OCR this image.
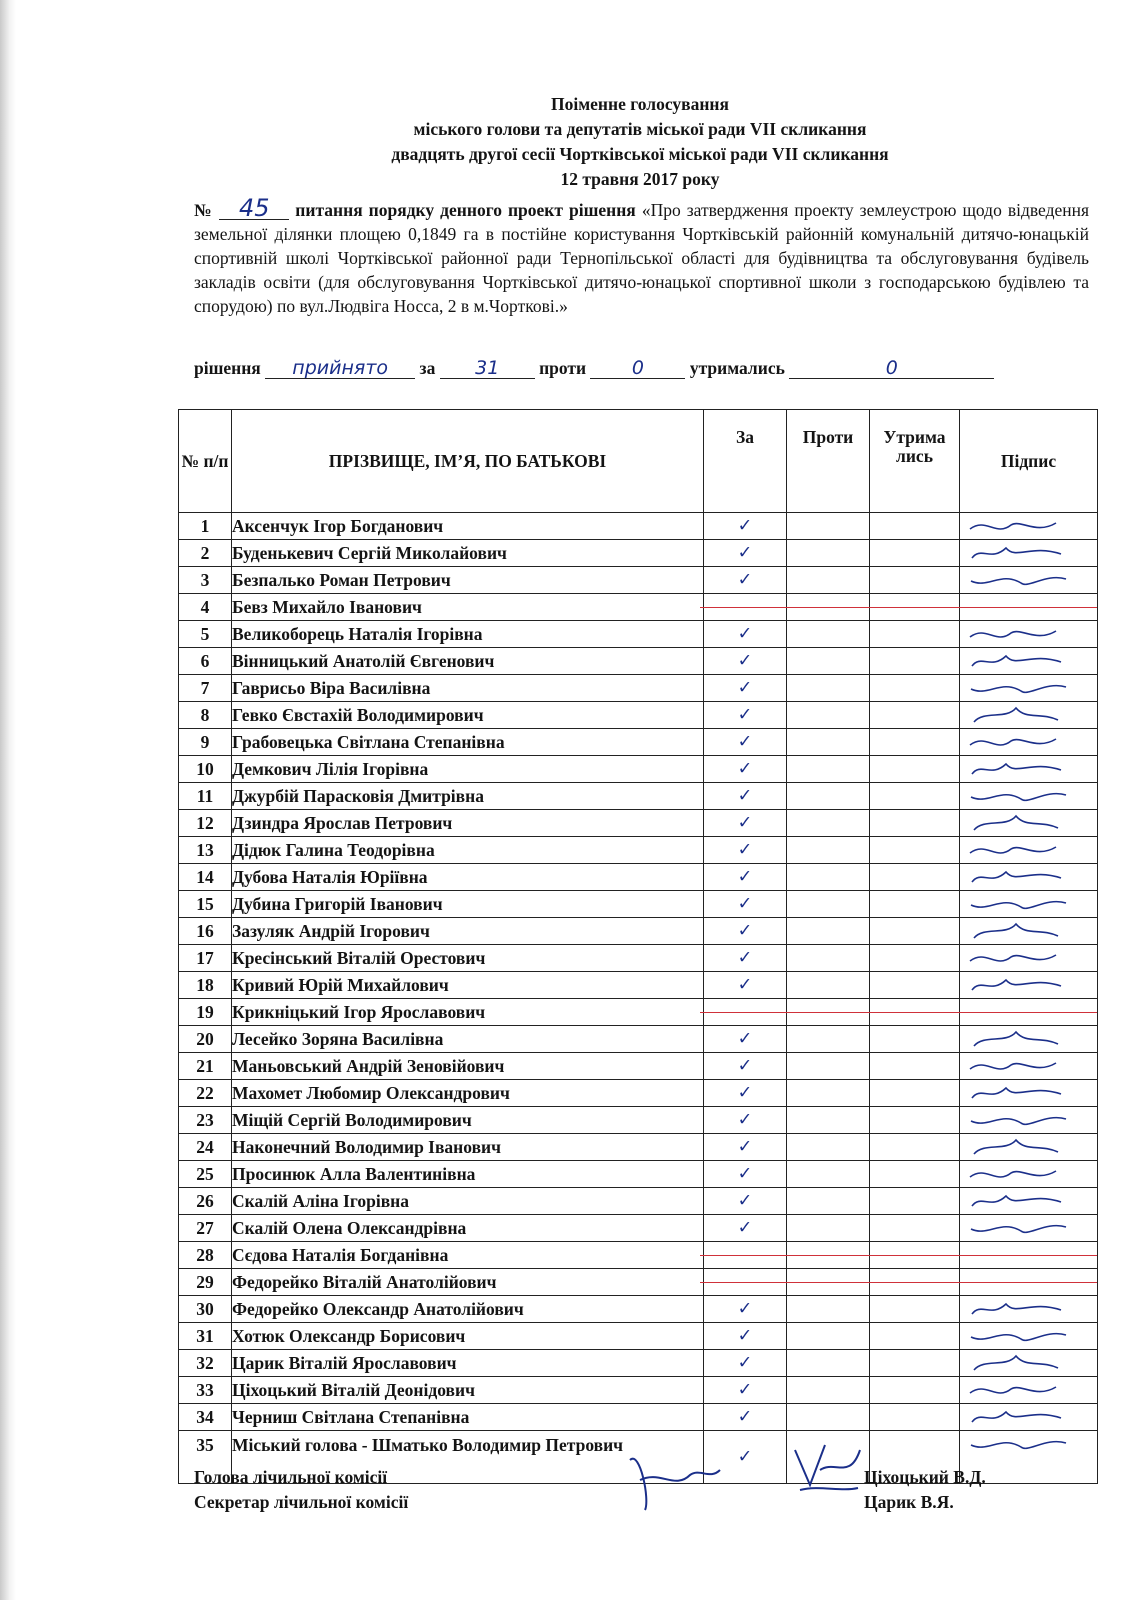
Поіменне голосування
міського голови та депутатів міської ради VII скликання
двадцять другої сесії Чортківської міської ради VII скликання
12 травня 2017 року
№ 45 питання порядку денного проект рішення «Про затвердження проекту землеустрою щодо відведення земельної ділянки площею 0,1849 га в постійне користування Чортківській районній комунальній дитячо-юнацькій спортивній школі Чортківської районної ради Тернопільської області для будівництва та обслуговування будівель закладів освіти (для обслуговування Чортківської дитячо-юнацької спортивної школи з господарською будівлею та спорудою) по вул.Людвіга Носса, 2 в м.Чорткові.»
рішення прийнято за 31 проти 0	утримались	0
№ п/п	ПРІЗВИЩЕ, ІМ’Я, ПО БАТЬКОВІ	За	Проти	Утрима лись	Підпис
1	Аксенчук Ігор Богданович	✓			

2	Буденькевич Сергій Миколайович	✓			

3	Безпалько Роман Петрович	✓			

4	Бевз Михайло Іванович				
5	Великоборець Наталія Ігорівна	✓			

6	Вінницький Анатолій Євгенович	✓			

7	Гаврисьо Віра Василівна	✓			

8	Гевко Євстахій Володимирович	✓			

9	Грабовецька Світлана Степанівна	✓			

10	Демкович Лілія Ігорівна	✓			

11	Джурбій Парасковія Дмитрівна	✓			

12	Дзиндра Ярослав Петрович	✓			

13	Дідюк Галина Теодорівна	✓			

14	Дубова Наталія Юріївна	✓			

15	Дубина Григорій Іванович	✓			

16	Зазуляк Андрій Ігорович	✓			

17	Кресінський Віталій Орестович	✓			

18	Кривий Юрій Михайлович	✓			

19	Крикніцький Ігор Ярославович				
20	Лесейко Зоряна Василівна	✓			

21	Маньовський Андрій Зеновійович	✓			

22	Махомет Любомир Олександрович	✓			

23	Міщій Сергій Володимирович	✓			

24	Наконечний Володимир Іванович	✓			

25	Просинюк Алла Валентинівна	✓			

26	Скалій Аліна Ігорівна	✓			

27	Скалій Олена Олександрівна	✓			

28	Сєдова Наталія Богданівна				
29	Федорейко Віталій Анатолійович				
30	Федорейко Олександр Анатолійович	✓			

31	Хотюк Олександр Борисович	✓			

32	Царик Віталій Ярославович	✓			

33	Ціхоцький Віталій Деонідович	✓			

34	Черниш Світлана Степанівна	✓			

35	Міський голова - Шматько Володимир Петрович	✓			
Голова лічильної комісії
Секретар лічильної комісії
Ціхоцький В.Д.
Царик В.Я.
